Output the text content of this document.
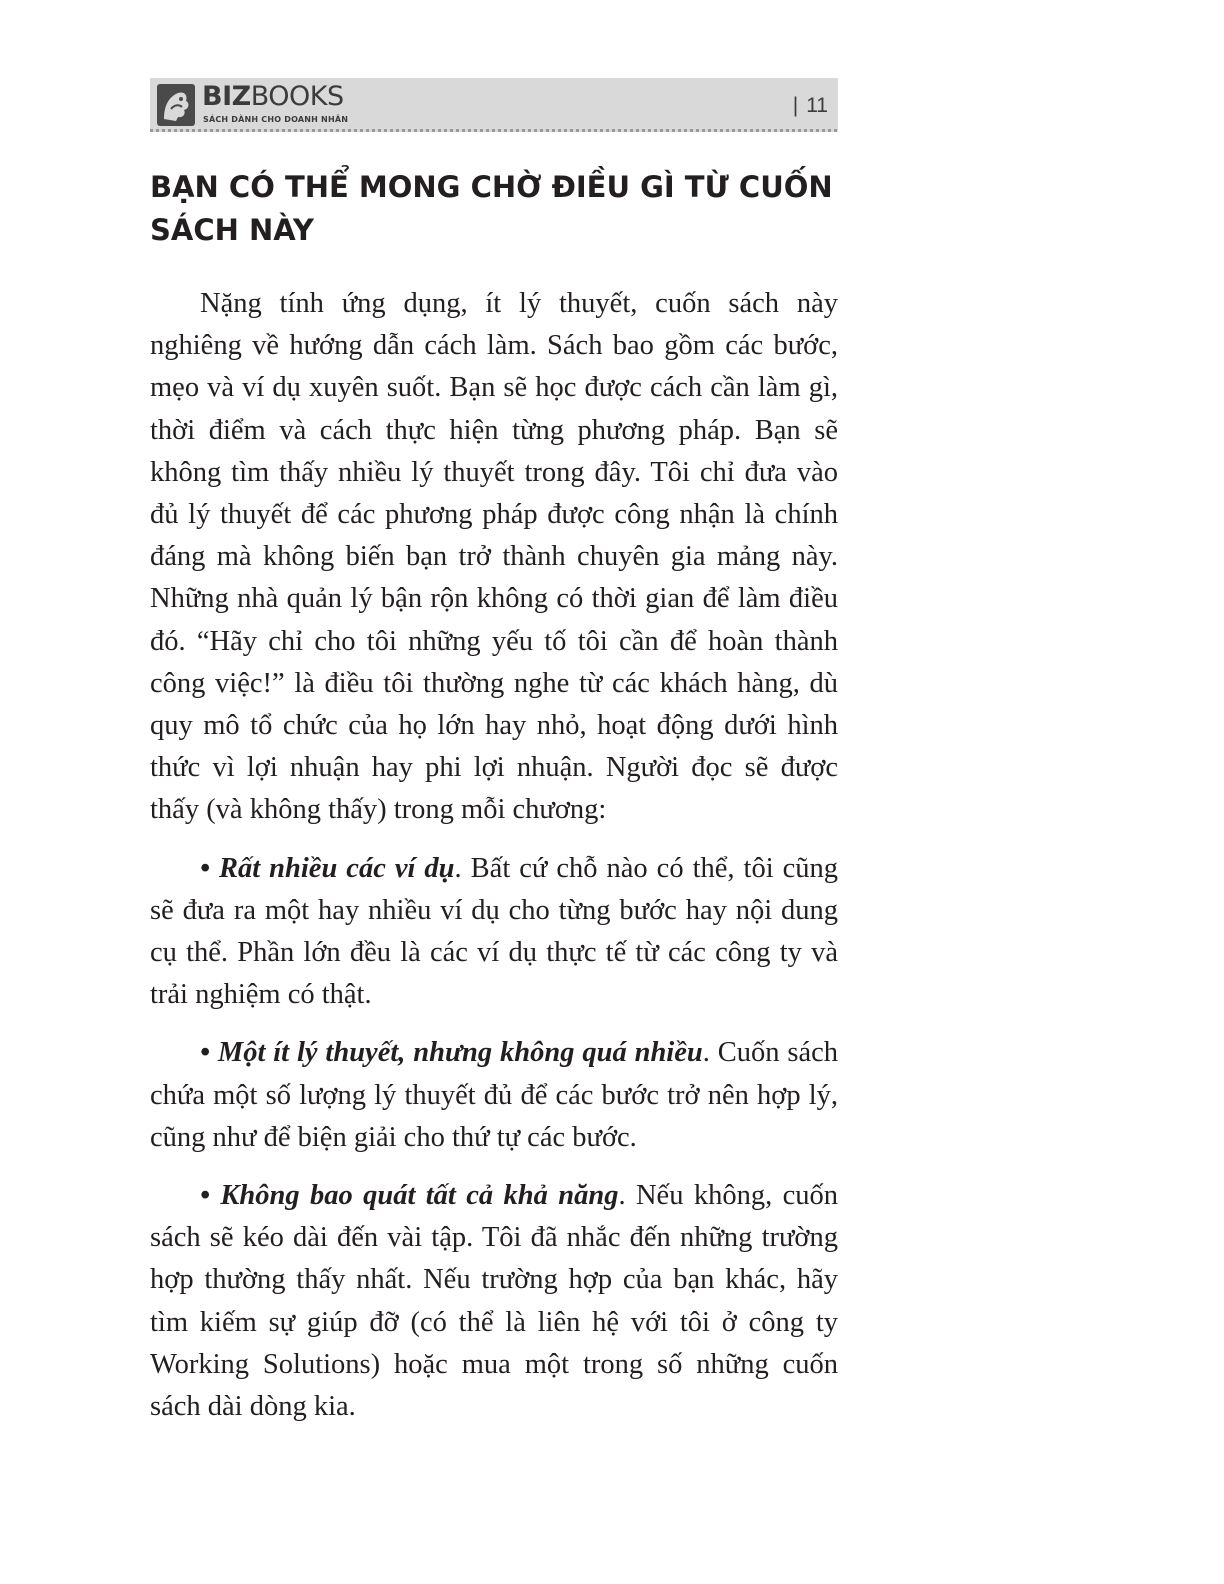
BIZBOOKS
SÁCH DÀNH CHO DOANH NHÂN
| 11
BẠN CÓ THỂ MONG CHỜ ĐIỀU GÌ TỪ CUỐN SÁCH NÀY

Nặng tính ứng dụng, ít lý thuyết, cuốn sách này nghiêng về hướng dẫn cách làm. Sách bao gồm các bước, mẹo và ví dụ xuyên suốt. Bạn sẽ học được cách cần làm gì, thời điểm và cách thực hiện từng phương pháp. Bạn sẽ không tìm thấy nhiều lý thuyết trong đây. Tôi chỉ đưa vào đủ lý thuyết để các phương pháp được công nhận là chính đáng mà không biến bạn trở thành chuyên gia mảng này. Những nhà quản lý bận rộn không có thời gian để làm điều đó. “Hãy chỉ cho tôi những yếu tố tôi cần để hoàn thành công việc!” là điều tôi thường nghe từ các khách hàng, dù quy mô tổ chức của họ lớn hay nhỏ, hoạt động dưới hình thức vì lợi nhuận hay phi lợi nhuận. Người đọc sẽ được thấy (và không thấy) trong mỗi chương:

• Rất nhiều các ví dụ. Bất cứ chỗ nào có thể, tôi cũng sẽ đưa ra một hay nhiều ví dụ cho từng bước hay nội dung cụ thể. Phần lớn đều là các ví dụ thực tế từ các công ty và trải nghiệm có thật.

• Một ít lý thuyết, nhưng không quá nhiều. Cuốn sách chứa một số lượng lý thuyết đủ để các bước trở nên hợp lý, cũng như để biện giải cho thứ tự các bước.

• Không bao quát tất cả khả năng. Nếu không, cuốn sách sẽ kéo dài đến vài tập. Tôi đã nhắc đến những trường hợp thường thấy nhất. Nếu trường hợp của bạn khác, hãy tìm kiếm sự giúp đỡ (có thể là liên hệ với tôi ở công ty Working Solutions) hoặc mua một trong số những cuốn sách dài dòng kia.
